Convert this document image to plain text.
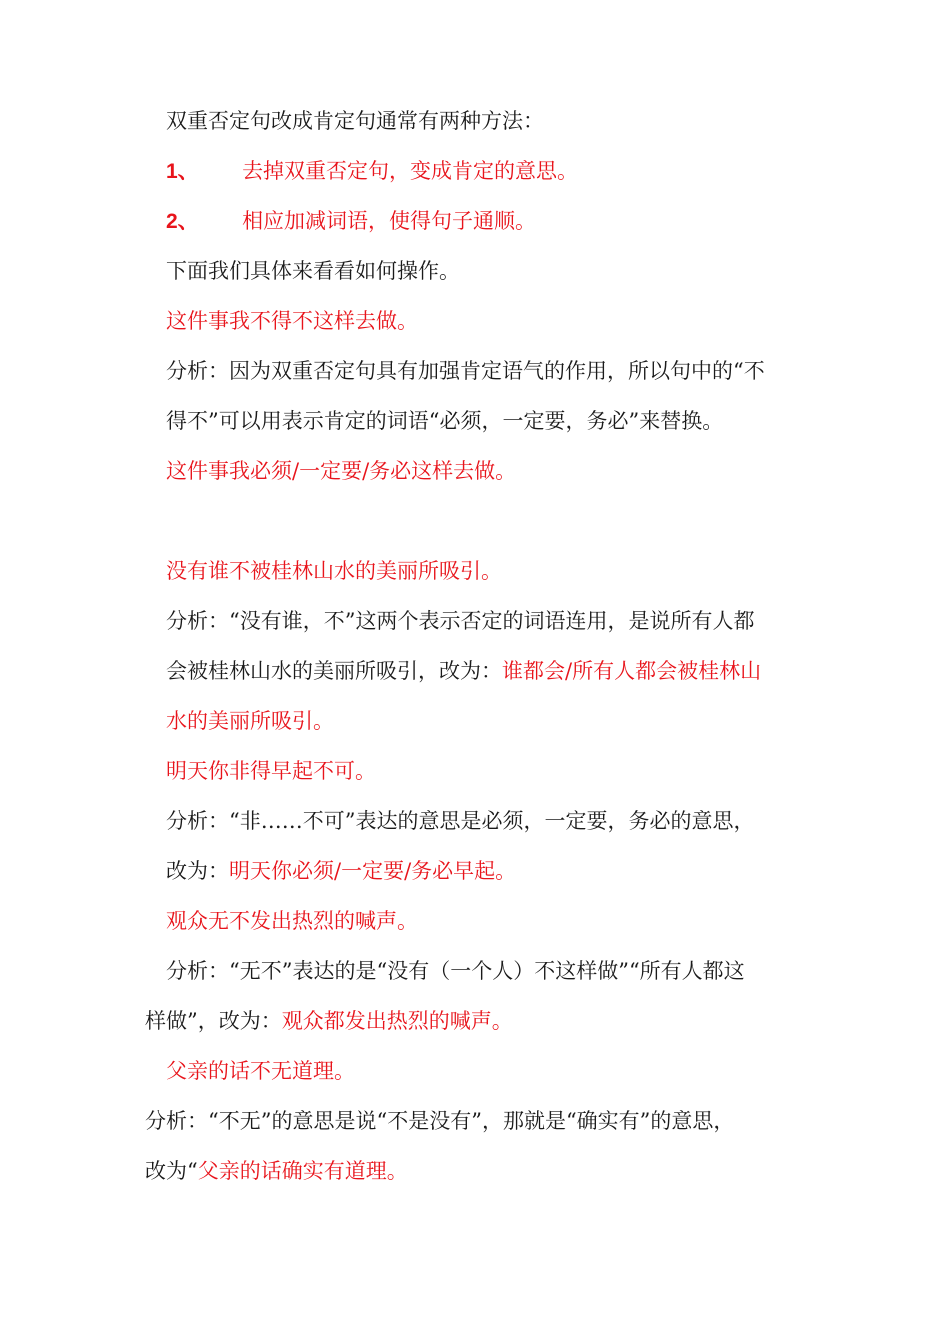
双重否定句改成肯定句通常有两种方法：
1、 去掉双重否定句，变成肯定的意思。
2、 相应加减词语，使得句子通顺。
下面我们具体来看看如何操作。
这件事我不得不这样去做。
分析：因为双重否定句具有加强肯定语气的作用，所以句中的“不
得不”可以用表示肯定的词语“必须，一定要，务必”来替换。
这件事我必须/一定要/务必这样去做。
没有谁不被桂林山水的美丽所吸引。
分析：“没有谁，不”这两个表示否定的词语连用，是说所有人都
会被桂林山水的美丽所吸引，改为：谁都会/所有人都会被桂林山
水的美丽所吸引。
明天你非得早起不可。
分析：“非……不可”表达的意思是必须，一定要，务必的意思，
改为：明天你必须/一定要/务必早起。
观众无不发出热烈的喊声。
分析：“无不”表达的是“没有（一个人）不这样做”“所有人都这
样做”，改为：观众都发出热烈的喊声。
父亲的话不无道理。
分析：“不无”的意思是说“不是没有”，那就是“确实有”的意思，
改为“父亲的话确实有道理。
